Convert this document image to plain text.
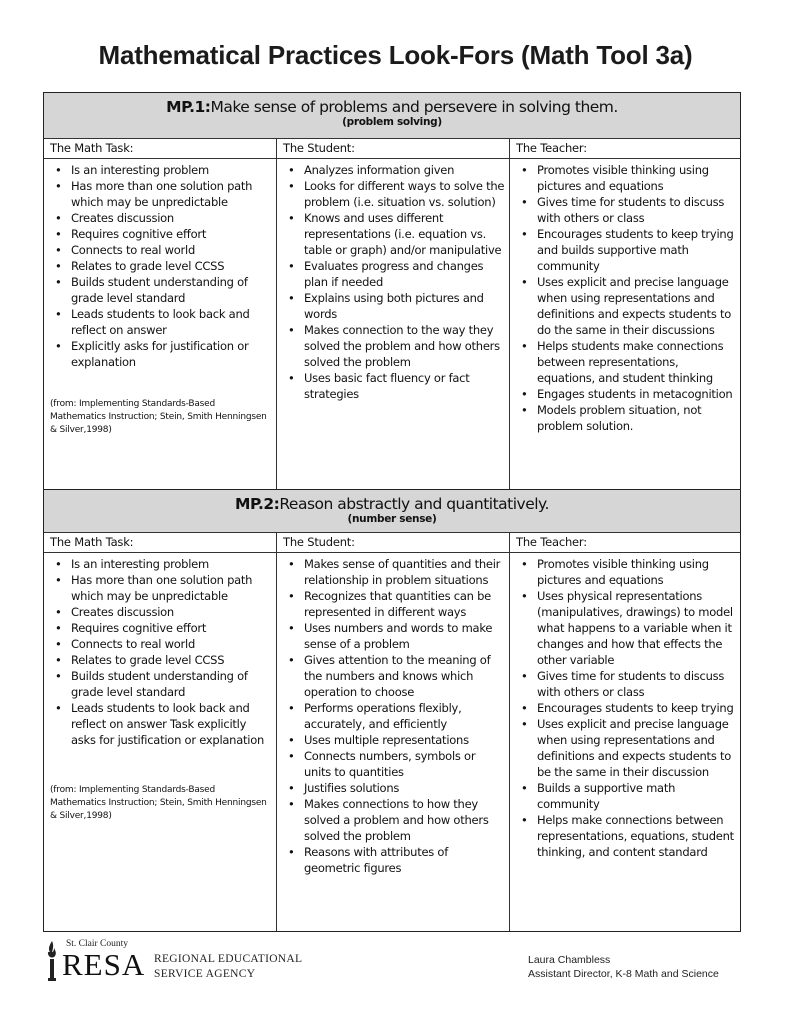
Mathematical Practices Look-Fors (Math Tool 3a)
MP.1:Make sense of problems and persevere in solving them.
(problem solving)
The Math Task:
• Is an interesting problem
• Has more than one solution path which may be unpredictable
• Creates discussion
• Requires cognitive effort
• Connects to real world
• Relates to grade level CCSS
• Builds student understanding of grade level standard
• Leads students to look back and reflect on answer
• Explicitly asks for justification or explanation
(from: Implementing Standards-Based Mathematics Instruction; Stein, Smith Henningsen & Silver,1998)
The Student:
• Analyzes information given
• Looks for different ways to solve the problem (i.e. situation vs. solution)
• Knows and uses different representations (i.e. equation vs. table or graph) and/or manipulative
• Evaluates progress and changes plan if needed
• Explains using both pictures and words
• Makes connection to the way they solved the problem and how others solved the problem
• Uses basic fact fluency or fact strategies
The Teacher:
• Promotes visible thinking using pictures and equations
• Gives time for students to discuss with others or class
• Encourages students to keep trying and builds supportive math community
• Uses explicit and precise language when using representations and definitions and expects students to do the same in their discussions
• Helps students make connections between representations, equations, and student thinking
• Engages students in metacognition
• Models problem situation, not problem solution.
MP.2:Reason abstractly and quantitatively.
(number sense)
The Math Task:
• Is an interesting problem
• Has more than one solution path which may be unpredictable
• Creates discussion
• Requires cognitive effort
• Connects to real world
• Relates to grade level CCSS
• Builds student understanding of grade level standard
• Leads students to look back and reflect on answer Task explicitly asks for justification or explanation
(from: Implementing Standards-Based Mathematics Instruction; Stein, Smith Henningsen & Silver,1998)
The Student:
• Makes sense of quantities and their relationship in problem situations
• Recognizes that quantities can be represented in different ways
• Uses numbers and words to make sense of a problem
• Gives attention to the meaning of the numbers and knows which operation to choose
• Performs operations flexibly, accurately, and efficiently
• Uses multiple representations
• Connects numbers, symbols or units to quantities
• Justifies solutions
• Makes connections to how they solved a problem and how others solved the problem
• Reasons with attributes of geometric figures
The Teacher:
• Promotes visible thinking using pictures and equations
• Uses physical representations (manipulatives, drawings) to model what happens to a variable when it changes and how that effects the other variable
• Gives time for students to discuss with others or class
• Encourages students to keep trying
• Uses explicit and precise language when using representations and definitions and expects students to be the same in their discussion
• Builds a supportive math community
• Helps make connections between representations, equations, student thinking, and content standard
St. Clair County
RESA REGIONAL EDUCATIONAL
SERVICE AGENCY
Laura Chambless
Assistant Director, K-8 Math and Science
